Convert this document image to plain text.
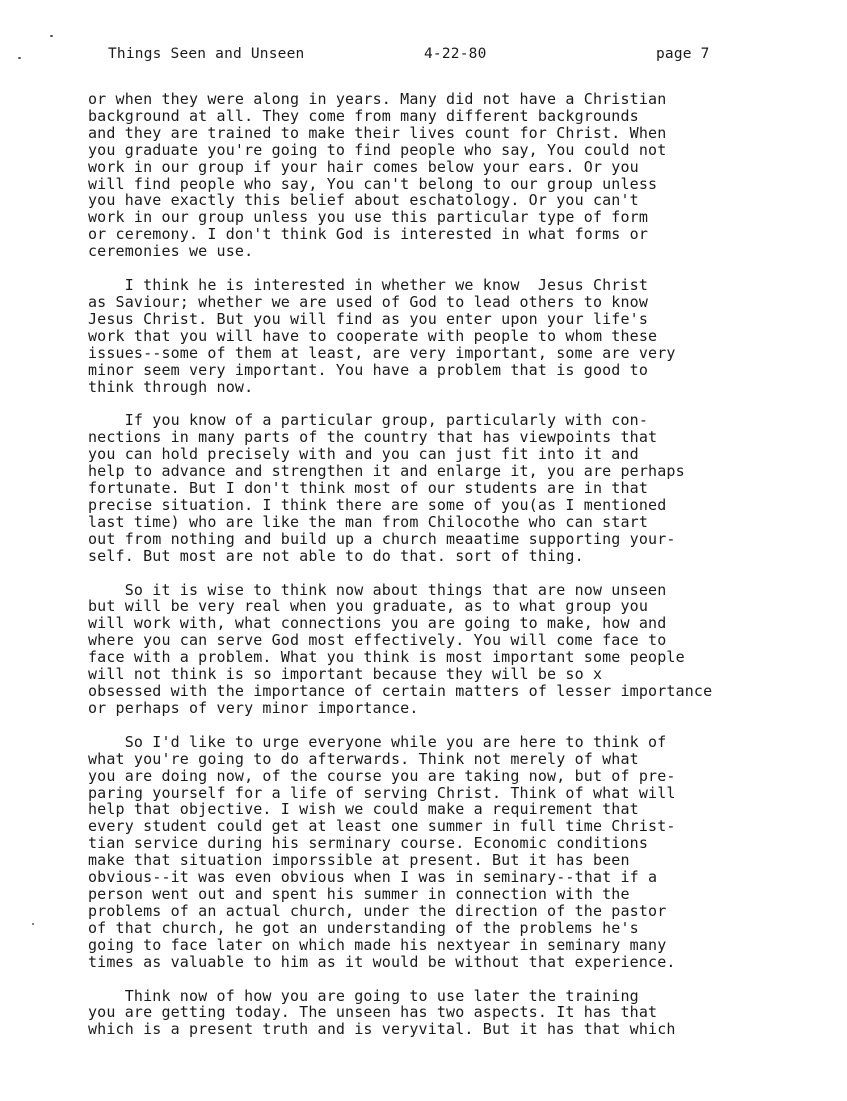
Things Seen and Unseen	4-22-80	page 7
or when they were along in years. Many did not have a Christian
background at all. They come from many different backgrounds
and they are trained to make their lives count for Christ. When
you graduate you're going to find people who say, You could not
work in our group if your hair comes below your ears. Or you
will find people who say, You can't belong to our group unless
you have exactly this belief about eschatology. Or you can't
work in our group unless you use this particular type of form
or ceremony. I don't think God is interested in what forms or
ceremonies we use.
I think he is interested in whether we know  Jesus Christ
as Saviour; whether we are used of God to lead others to know
Jesus Christ. But you will find as you enter upon your life's
work that you will have to cooperate with people to whom these
issues--some of them at least, are very important, some are very
minor seem very important. You have a problem that is good to
think through now.
If you know of a particular group, particularly with con-
nections in many parts of the country that has viewpoints that
you can hold precisely with and you can just fit into it and
help to advance and strengthen it and enlarge it, you are perhaps
fortunate. But I don't think most of our students are in that
precise situation. I think there are some of you(as I mentioned
last time) who are like the man from Chilocothe who can start
out from nothing and build up a church meaatime supporting your-
self. But most are not able to do that. sort of thing.
So it is wise to think now about things that are now unseen
but will be very real when you graduate, as to what group you
will work with, what connections you are going to make, how and
where you can serve God most effectively. You will come face to
face with a problem. What you think is most important some people
will not think is so important because they will be so x
obsessed with the importance of certain matters of lesser importance
or perhaps of very minor importance.
So I'd like to urge everyone while you are here to think of
what you're going to do afterwards. Think not merely of what
you are doing now, of the course you are taking now, but of pre-
paring yourself for a life of serving Christ. Think of what will
help that objective. I wish we could make a requirement that
every student could get at least one summer in full time Christ-
tian service during his serminary course. Economic conditions
make that situation imporssible at present. But it has been
obvious--it was even obvious when I was in seminary--that if a
person went out and spent his summer in connection with the
problems of an actual church, under the direction of the pastor
of that church, he got an understanding of the problems he's
going to face later on which made his nextyear in seminary many
times as valuable to him as it would be without that experience.
Think now of how you are going to use later the training
you are getting today. The unseen has two aspects. It has that
which is a present truth and is veryvital. But it has that which
